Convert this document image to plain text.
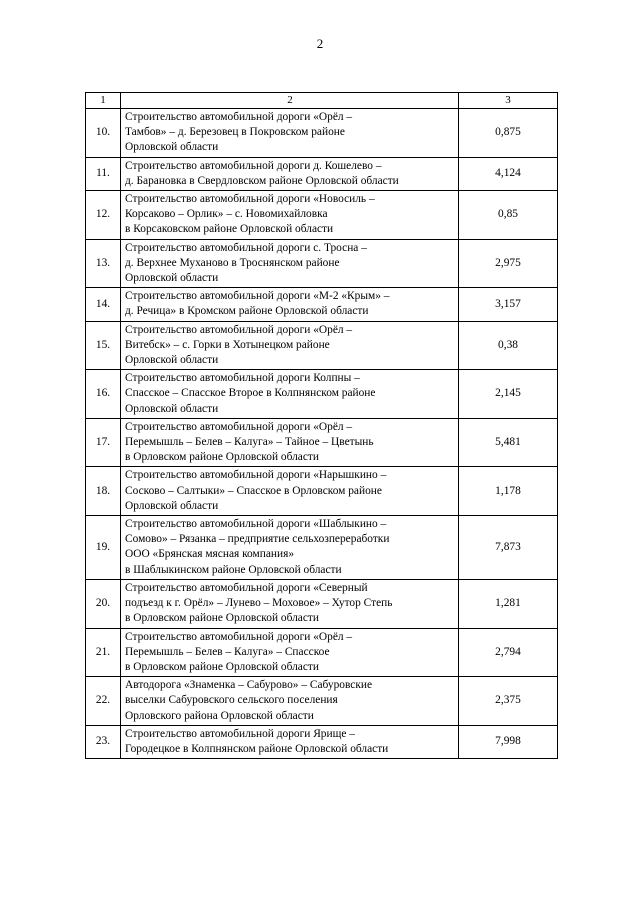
2
1	2	3
10.	Строительство автомобильной дороги «Орёл –
Тамбов» – д. Березовец в Покровском районе
Орловской области	0,875
11.	Строительство автомобильной дороги д. Кошелево –
д. Барановка в Свердловском районе Орловской области	4,124
12.	Строительство автомобильной дороги «Новосиль –
Корсаково – Орлик» – с. Новомихайловка
в Корсаковском районе Орловской области	0,85
13.	Строительство автомобильной дороги с. Тросна –
д. Верхнее Муханово в Троснянском районе
Орловской области	2,975
14.	Строительство автомобильной дороги «М-2 «Крым» –
д. Речица» в Кромском районе Орловской области	3,157
15.	Строительство автомобильной дороги «Орёл –
Витебск» – с. Горки в Хотынецком районе
Орловской области	0,38
16.	Строительство автомобильной дороги Колпны –
Спасское – Спасское Второе в Колпнянском районе
Орловской области	2,145
17.	Строительство автомобильной дороги «Орёл –
Перемышль – Белев – Калуга» – Тайное – Цветынь
в Орловском районе Орловской области	5,481
18.	Строительство автомобильной дороги «Нарышкино –
Сосково – Салтыки» – Спасское в Орловском районе
Орловской области	1,178
19.	Строительство автомобильной дороги «Шаблыкино –
Сомово» – Рязанка – предприятие сельхозпереработки
ООО «Брянская мясная компания»
в Шаблыкинском районе Орловской области	7,873
20.	Строительство автомобильной дороги «Северный
подъезд к г. Орёл» – Лунево – Моховое» – Хутор Степь
в Орловском районе Орловской области	1,281
21.	Строительство автомобильной дороги «Орёл –
Перемышль – Белев – Калуга» – Спасское
в Орловском районе Орловской области	2,794
22.	Автодорога «Знаменка – Сабурово» – Сабуровские
выселки Сабуровского сельского поселения
Орловского района Орловской области	2,375
23.	Строительство автомобильной дороги Ярище –
Городецкое в Колпнянском районе Орловской области	7,998
